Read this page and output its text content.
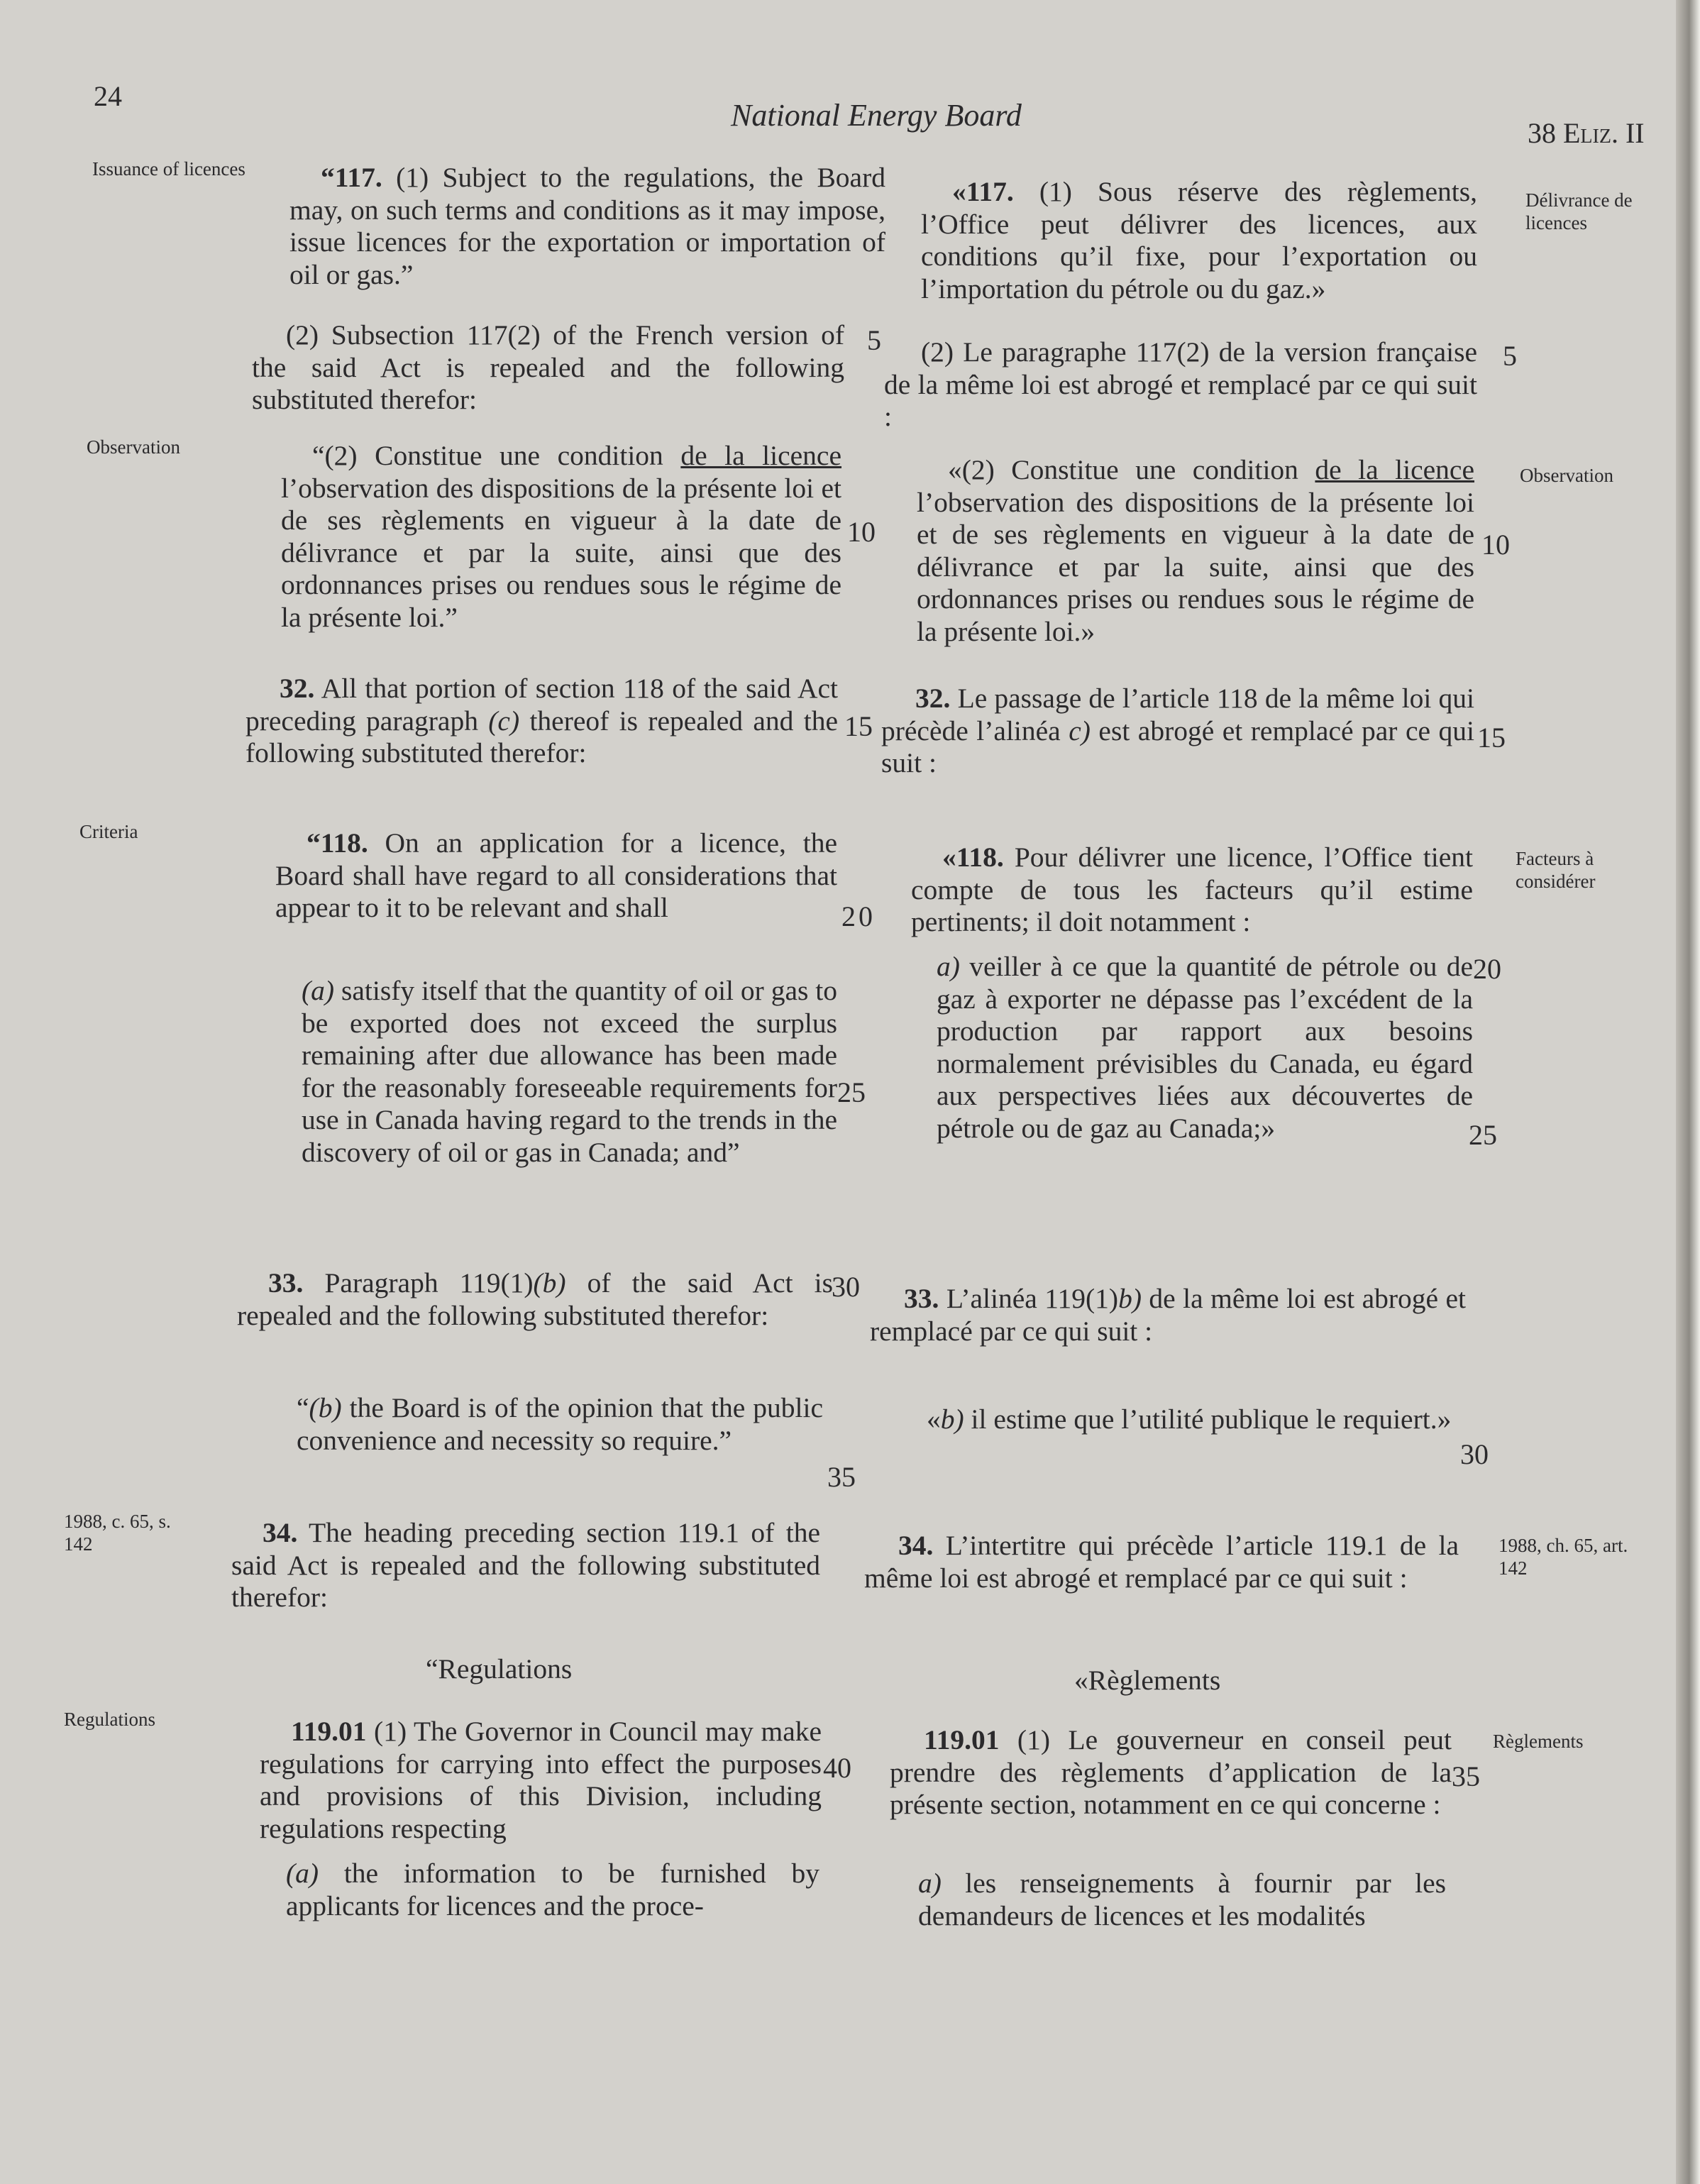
24
National Energy Board
38 Eliz. II
Issuance of licences
Observation
Criteria
1988, c. 65, s. 142
Regulations
Délivrance de licences
Observation
Facteurs à considérer
1988, ch. 65, art. 142
Règlements

“117. (1) Subject to the regulations, the Board may, on such terms and conditions as it may impose, issue licences for the exportation or importation of oil or gas.”

(2) Subsection 117(2) of the French version of the said Act is repealed and the following substituted therefor:

“(2) Constitue une condition de la licence l’observation des dispositions de la présente loi et de ses règlements en vigueur à la date de délivrance et par la suite, ainsi que des ordonnances prises ou rendues sous le régime de la présente loi.”

32. All that portion of section 118 of the said Act preceding paragraph (c) thereof is repealed and the following substituted therefor:

“118. On an application for a licence, the Board shall have regard to all considerations that appear to it to be relevant and shall

(a) satisfy itself that the quantity of oil or gas to be exported does not exceed the surplus remaining after due allowance has been made for the reasonably foreseeable requirements for use in Canada having regard to the trends in the discovery of oil or gas in Canada; and”

33. Paragraph 119(1)(b) of the said Act is repealed and the following substituted therefor:

“(b) the Board is of the opinion that the public convenience and necessity so require.”

34. The heading preceding section 119.1 of the said Act is repealed and the following substituted therefor:

“Regulations

119.01 (1) The Governor in Council may make regulations for carrying into effect the purposes and provisions of this Division, including regulations respecting

(a) the information to be furnished by applicants for licences and the proce-

5
10
15
20
25
30
35
40

«117. (1) Sous réserve des règlements, l’Office peut délivrer des licences, aux conditions qu’il fixe, pour l’exportation ou l’importation du pétrole ou du gaz.»

(2) Le paragraphe 117(2) de la version française de la même loi est abrogé et remplacé par ce qui suit :

«(2) Constitue une condition de la licence l’observation des dispositions de la présente loi et de ses règlements en vigueur à la date de délivrance et par la suite, ainsi que des ordonnances prises ou rendues sous le régime de la présente loi.»

32. Le passage de l’article 118 de la même loi qui précède l’alinéa c) est abrogé et remplacé par ce qui suit :

«118. Pour délivrer une licence, l’Office tient compte de tous les facteurs qu’il estime pertinents; il doit notamment :

a) veiller à ce que la quantité de pétrole ou de gaz à exporter ne dépasse pas l’excédent de la production par rapport aux besoins normalement prévisibles du Canada, eu égard aux perspectives liées aux découvertes de pétrole ou de gaz au Canada;»

33. L’alinéa 119(1)b) de la même loi est abrogé et remplacé par ce qui suit :

«b) il estime que l’utilité publique le requiert.»

34. L’intertitre qui précède l’article 119.1 de la même loi est abrogé et remplacé par ce qui suit :

«Règlements

119.01 (1) Le gouverneur en conseil peut prendre des règlements d’application de la présente section, notamment en ce qui concerne :

a) les renseignements à fournir par les demandeurs de licences et les modalités

5
10
15
20
25
30
35
